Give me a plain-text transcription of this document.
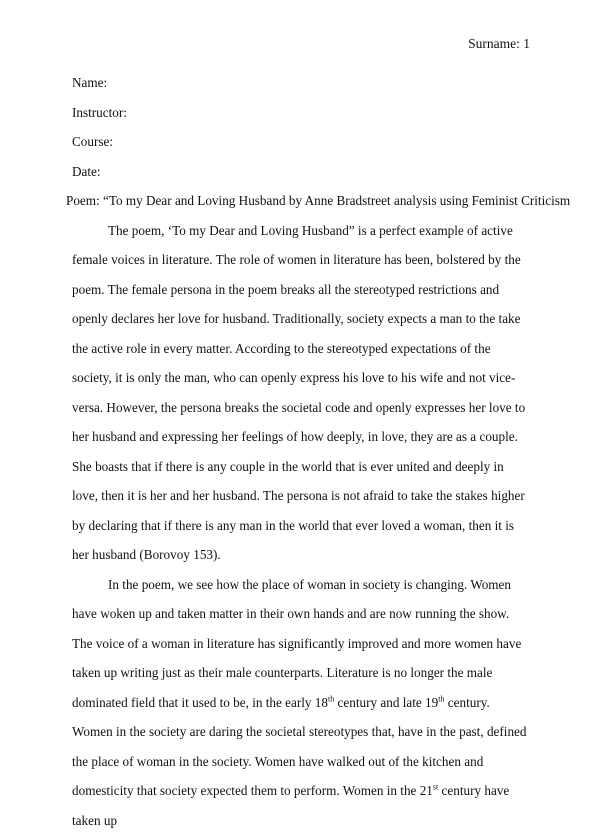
Surname: 1

Name:

Instructor:

Course:

Date:

Poem: “To my Dear and Loving Husband by Anne Bradstreet analysis using Feminist Criticism

The poem, ‘To my Dear and Loving Husband” is a perfect example of active female voices in literature. The role of women in literature has been, bolstered by the poem. The female persona in the poem breaks all the stereotyped restrictions and openly declares her love for husband. Traditionally, society expects a man to the take the active role in every matter. According to the stereotyped expectations of the society, it is only the man, who can openly express his love to his wife and not vice-versa. However, the persona breaks the societal code and openly expresses her love to her husband and expressing her feelings of how deeply, in love, they are as a couple. She boasts that if there is any couple in the world that is ever united and deeply in love, then it is her and her husband. The persona is not afraid to take the stakes higher by declaring that if there is any man in the world that ever loved a woman, then it is her husband (Borovoy 153).

In the poem, we see how the place of woman in society is changing. Women have woken up and taken matter in their own hands and are now running the show. The voice of a woman in literature has significantly improved and more women have taken up writing just as their male counterparts. Literature is no longer the male dominated field that it used to be, in the early 18th century and late 19th century. Women in the society are daring the societal stereotypes that, have in the past, defined the place of woman in the society. Women have walked out of the kitchen and domesticity that society expected them to perform. Women in the 21st century have taken up
